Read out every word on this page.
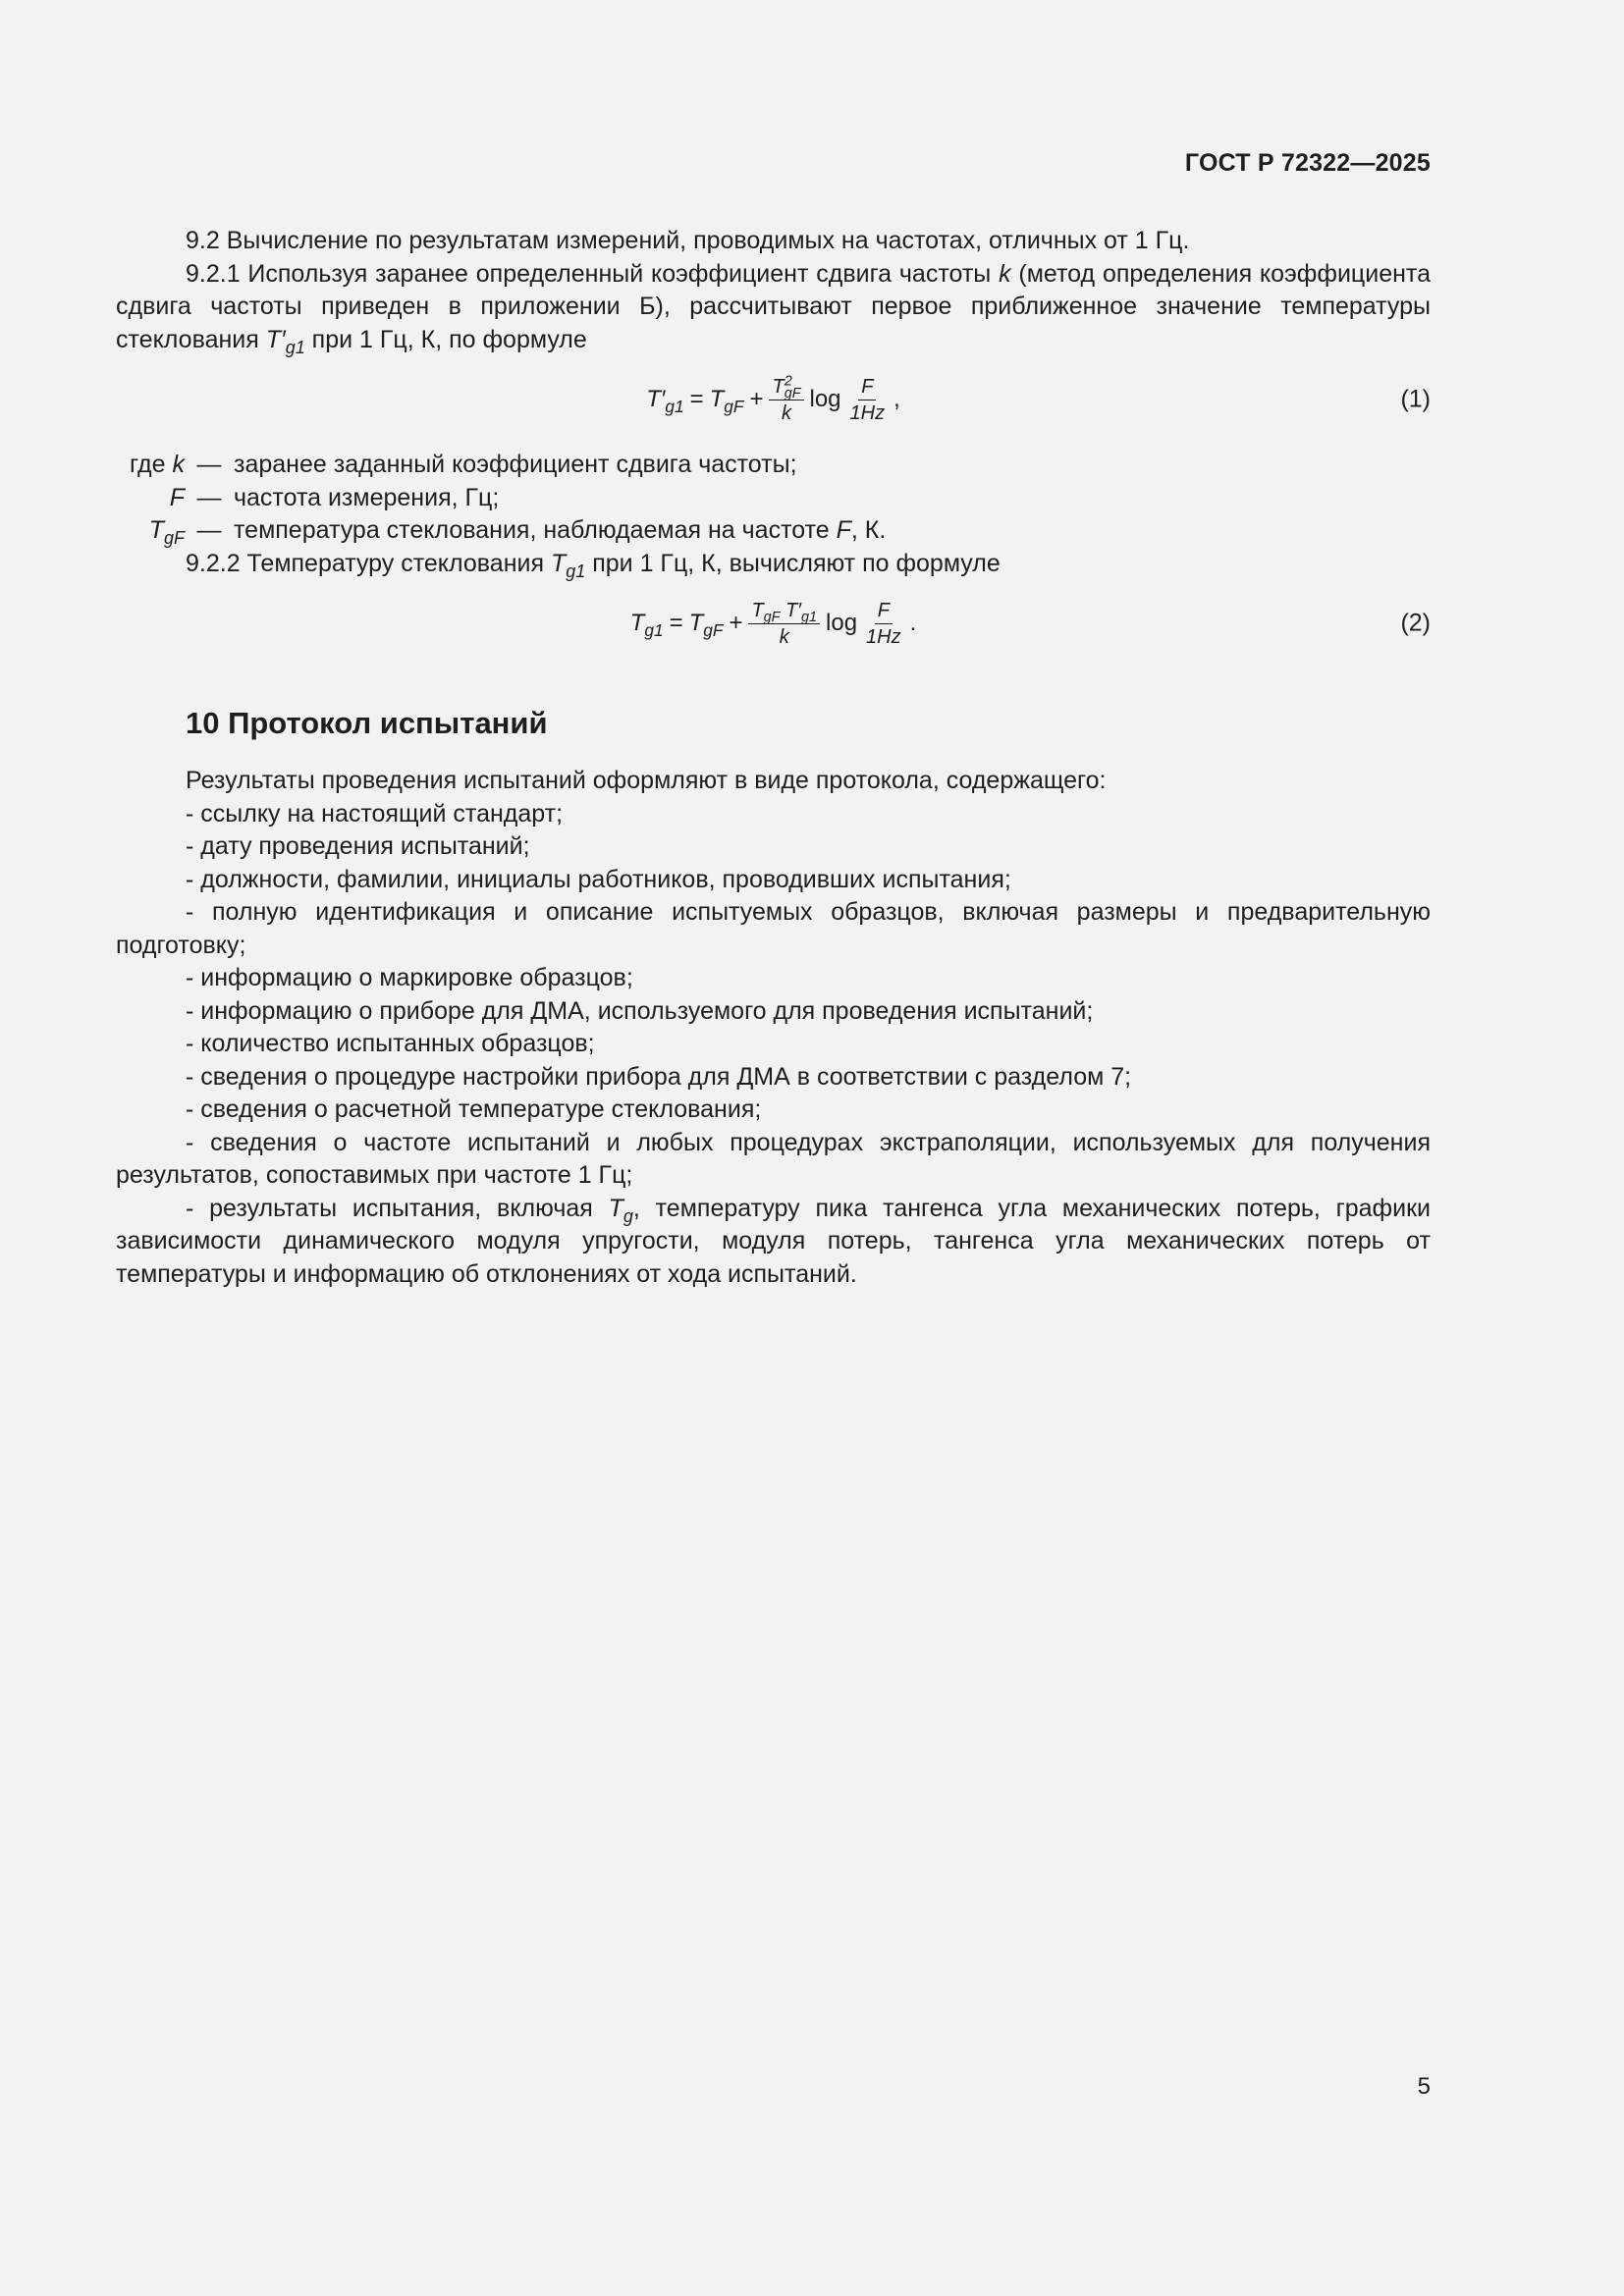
ГОСТ Р 72322—2025

9.2 Вычисление по результатам измерений, проводимых на частотах, отличных от 1 Гц.

9.2.1 Используя заранее определенный коэффициент сдвига частоты k (метод определения коэффициента сдвига частоты приведен в приложении Б), рассчитывают первое приближенное значение температуры стеклования $T'_{g1}$ при 1 Гц, К, по формуле

$T'_{g1} = T_{gF} + \frac{T^2_{gF}}{k}$ $\log \frac{F}{1Hz}$ ,	(1)
где k — заранее заданный коэффициент сдвига частоты;
F — частота измерения, Гц;
$T_{gF}$ — температура стеклования, наблюдаемая на частоте F, К.

9.2.2 Температуру стеклования $T_{g1}$ при 1 Гц, К, вычисляют по формуле

$T_{g1} = T_{gF} + \frac{T_{gF} T'_{g1}}{k}$ $\log \frac{F}{1Hz}$ .	(2)
10 Протокол испытаний

Результаты проведения испытаний оформляют в виде протокола, содержащего:

- ссылку на настоящий стандарт;

- дату проведения испытаний;

- должности, фамилии, инициалы работников, проводивших испытания;

- полную идентификация и описание испытуемых образцов, включая размеры и предварительную подготовку;

- информацию о маркировке образцов;

- информацию о приборе для ДМА, используемого для проведения испытаний;

- количество испытанных образцов;

- сведения о процедуре настройки прибора для ДМА в соответствии с разделом 7;

- сведения о расчетной температуре стеклования;

- сведения о частоте испытаний и любых процедурах экстраполяции, используемых для получения результатов, сопоставимых при частоте 1 Гц;

- результаты испытания, включая $T_g$, температуру пика тангенса угла механических потерь, графики зависимости динамического модуля упругости, модуля потерь, тангенса угла механических потерь от температуры и информацию об отклонениях от хода испытаний.

5
